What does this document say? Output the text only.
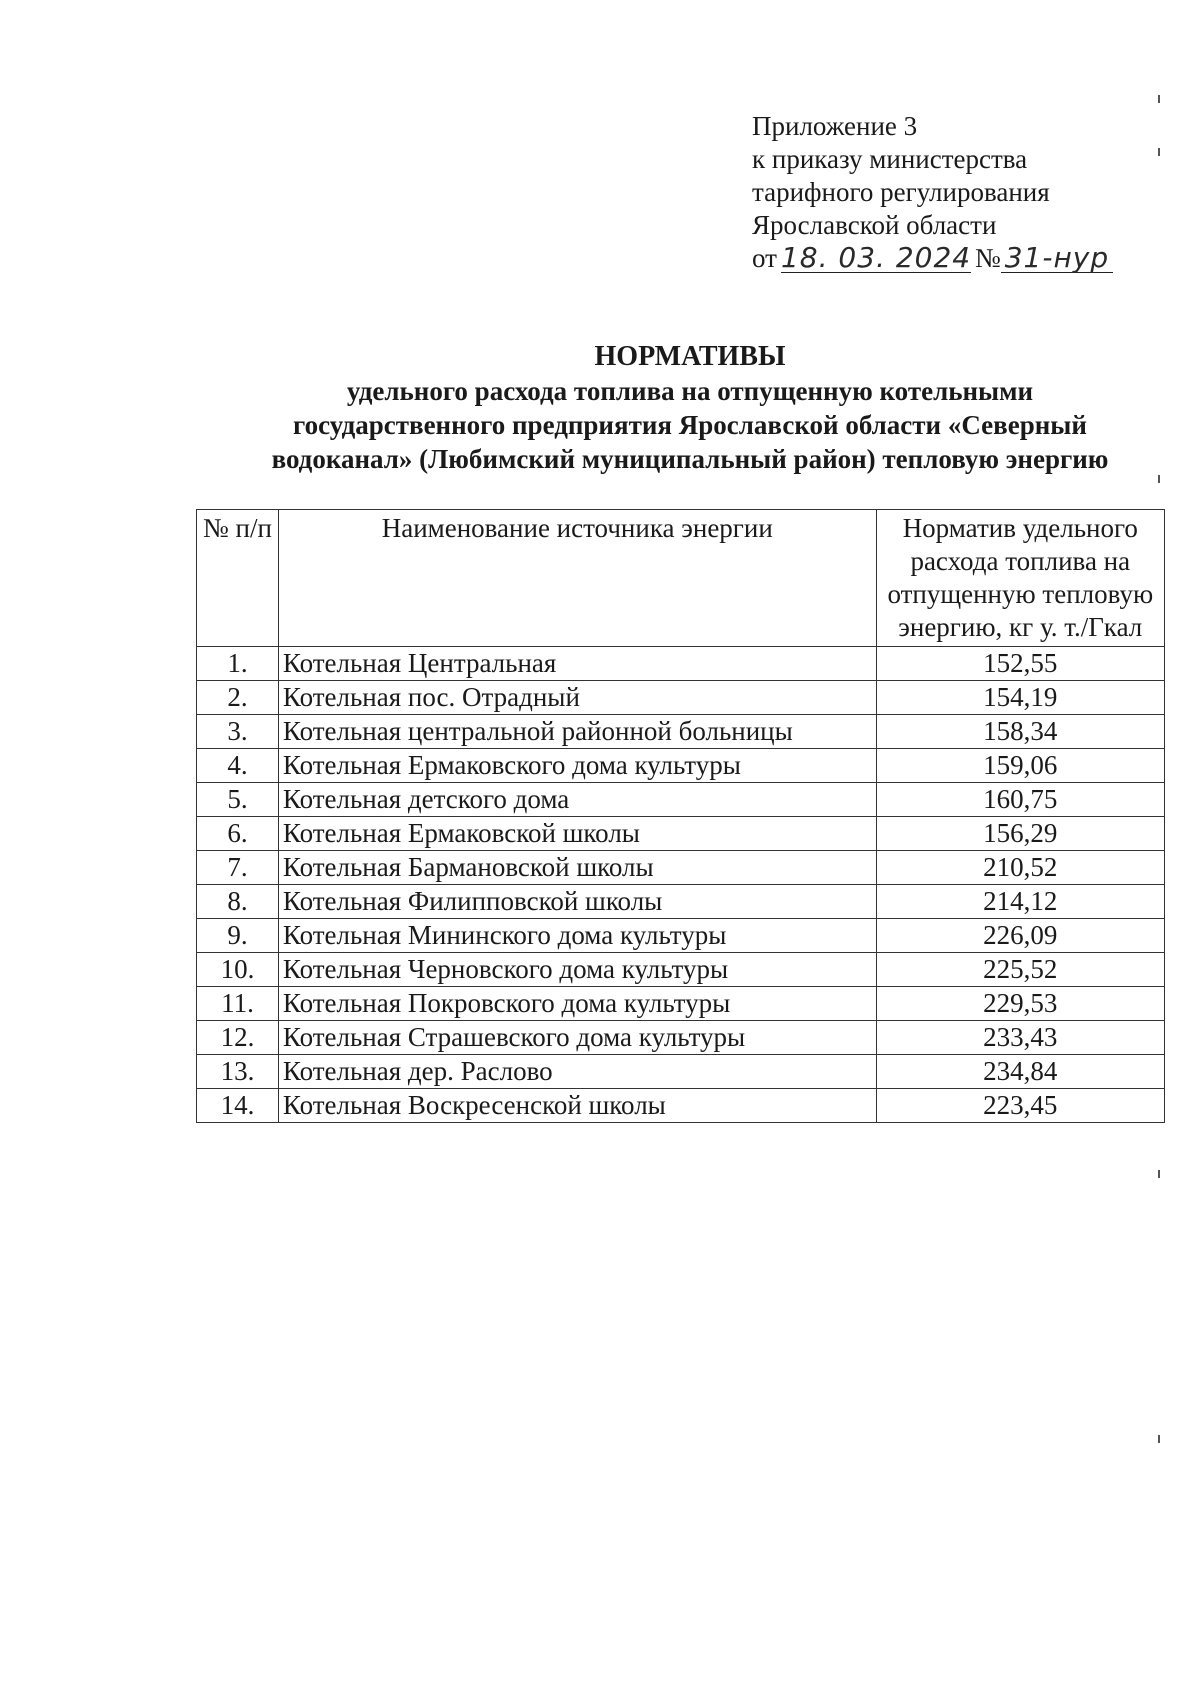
Приложение 3
к приказу министерства
тарифного регулирования
Ярославской области
от 18. 03. 2024 № 31-нур
НОРМАТИВЫ
удельного расхода топлива на отпущенную котельными
государственного предприятия Ярославской области «Северный
водоканал» (Любимский муниципальный район) тепловую энергию
№ п/п	Наименование источника энергии	Норматив удельного расхода топлива на отпущенную тепловую энергию, кг у. т./Гкал
1.	Котельная Центральная	152,55
2.	Котельная пос. Отрадный	154,19
3.	Котельная центральной районной больницы	158,34
4.	Котельная Ермаковского дома культуры	159,06
5.	Котельная детского дома	160,75
6.	Котельная Ермаковской школы	156,29
7.	Котельная Бармановской школы	210,52
8.	Котельная Филипповской школы	214,12
9.	Котельная Мининского дома культуры	226,09
10.	Котельная Черновского дома культуры	225,52
11.	Котельная Покровского дома культуры	229,53
12.	Котельная Страшевского дома культуры	233,43
13.	Котельная дер. Раслово	234,84
14.	Котельная Воскресенской школы	223,45
